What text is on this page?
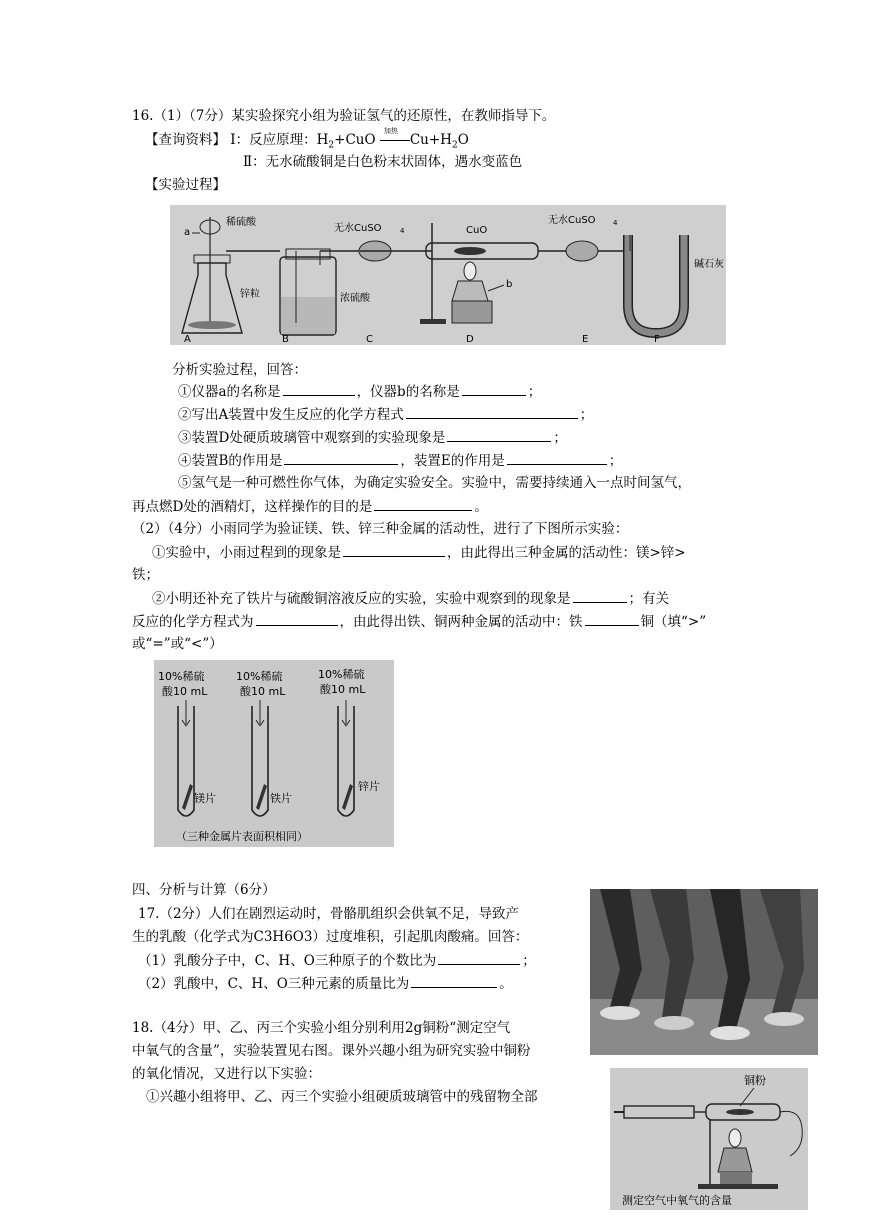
16.（1）（7分）某实验探究小组为验证氢气的还原性，在教师指导下。
【查询资料】 Ⅰ：反应原理：$H_2+CuO$
加热
$Cu+H_2O$
Ⅱ：无水硫酸铜是白色粉末状固体，遇水变蓝色
【实验过程】
a
稀硫酸
锌粒
A
浓硫酸
B
无水CuSO	4
C
CuO
b
D
无水CuSO 4
E
碱石灰
F
分析实验过程，回答：
①仪器a的名称是	，仪器b的名称是	；
②写出A装置中发生反应的化学方程式	；
③装置D处硬质玻璃管中观察到的实验现象是	；
④装置B的作用是	，装置E的作用是	；
⑤氢气是一种可燃性你气体，为确定实验安全。实验中，需要持续通入一点时间氢气，
再点燃D处的酒精灯，这样操作的目的是	。
（2）（4分）小雨同学为验证镁、铁、锌三种金属的活动性，进行了下图所示实验：
①实验中，小雨过程到的现象是	，由此得出三种金属的活动性：镁>锌>
铁；
②小明还补充了铁片与硫酸铜溶液反应的实验，实验中观察到的现象是	；有关
反应的化学方程式为	，由此得出铁、铜两种金属的活动中：铁	铜（填“>”
或“=”或“<”）
10%稀硫
酸10 mL
10%稀硫
酸10 mL
10%稀硫
酸10 mL
镁片	铁片
锌片
（三种金属片表面积相同）
四、分析与计算（6分）
17.（2分）人们在剧烈运动时，骨骼肌组织会供氧不足，导致产
生的乳酸（化学式为C3H6O3）过度堆积，引起肌肉酸痛。回答：
（1）乳酸分子中，C、H、O三种原子的个数比为	；
（2）乳酸中，C、H、O三种元素的质量比为	。
18.（4分）甲、乙、丙三个实验小组分别利用2g铜粉“测定空气
中氧气的含量”，实验装置见右图。课外兴趣小组为研究实验中铜粉
的氧化情况，又进行以下实验：
①兴趣小组将甲、乙、丙三个实验小组硬质玻璃管中的残留物全部
铜粉
测定空气中氧气的含量
